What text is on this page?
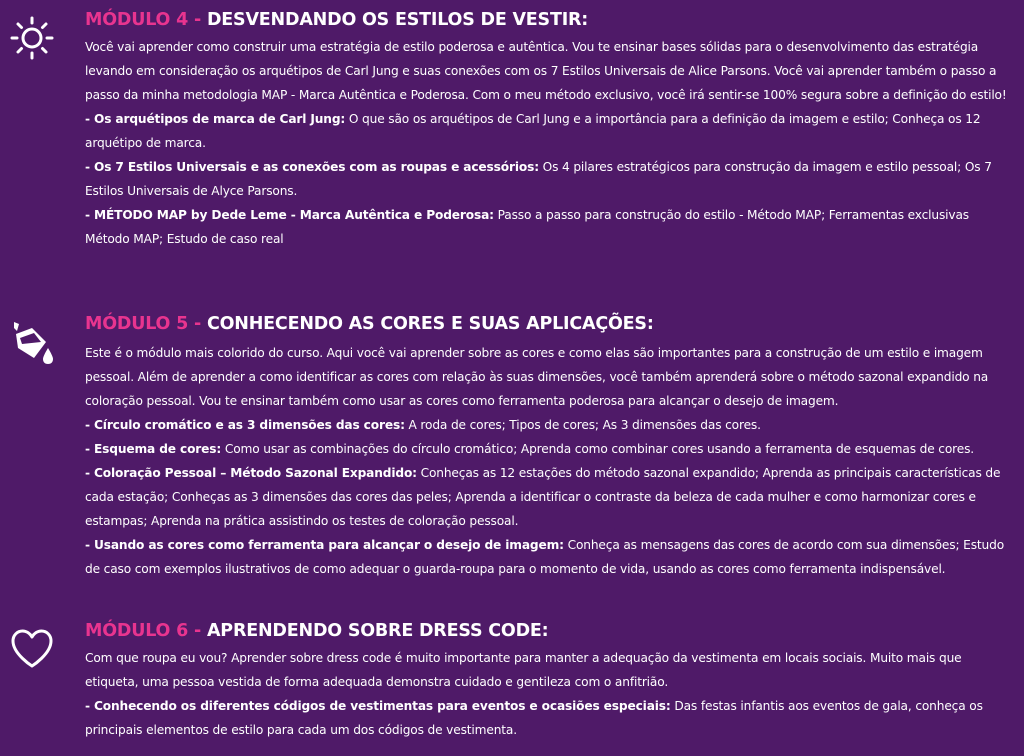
MÓDULO 4 - DESVENDANDO OS ESTILOS DE VESTIR:

Você vai aprender como construir uma estratégia de estilo poderosa e autêntica. Vou te ensinar bases sólidas para o desenvolvimento das estratégia levando em consideração os arquétipos de Carl Jung e suas conexões com os 7 Estilos Universais de Alice Parsons. Você vai aprender também o passo a passo da minha metodologia MAP - Marca Autêntica e Poderosa. Com o meu método exclusivo, você irá sentir-se 100% segura sobre a definição do estilo!

- Os arquétipos de marca de Carl Jung: O que são os arquétipos de Carl Jung e a importância para a definição da imagem e estilo; Conheça os 12 arquétipo de marca.

- Os 7 Estilos Universais e as conexões com as roupas e acessórios: Os 4 pilares estratégicos para construção da imagem e estilo pessoal; Os 7 Estilos Universais de Alyce Parsons.

- MÉTODO MAP by Dede Leme - Marca Autêntica e Poderosa: Passo a passo para construção do estilo - Método MAP; Ferramentas exclusivas Método MAP; Estudo de caso real

MÓDULO 5 - CONHECENDO AS CORES E SUAS APLICAÇÕES:

Este é o módulo mais colorido do curso. Aqui você vai aprender sobre as cores e como elas são importantes para a construção de um estilo e imagem pessoal. Além de aprender a como identificar as cores com relação às suas dimensões, você também aprenderá sobre o método sazonal expandido na coloração pessoal. Vou te ensinar também como usar as cores como ferramenta poderosa para alcançar o desejo de imagem.

- Círculo cromático e as 3 dimensões das cores: A roda de cores; Tipos de cores; As 3 dimensões das cores.

- Esquema de cores: Como usar as combinações do círculo cromático; Aprenda como combinar cores usando a ferramenta de esquemas de cores.

- Coloração Pessoal – Método Sazonal Expandido: Conheças as 12 estações do método sazonal expandido; Aprenda as principais características de cada estação; Conheças as 3 dimensões das cores das peles; Aprenda a identificar o contraste da beleza de cada mulher e como harmonizar cores e estampas; Aprenda na prática assistindo os testes de coloração pessoal.

- Usando as cores como ferramenta para alcançar o desejo de imagem: Conheça as mensagens das cores de acordo com sua dimensões; Estudo de caso com exemplos ilustrativos de como adequar o guarda-roupa para o momento de vida, usando as cores como ferramenta indispensável.

MÓDULO 6 - APRENDENDO SOBRE DRESS CODE:

Com que roupa eu vou? Aprender sobre dress code é muito importante para manter a adequação da vestimenta em locais sociais. Muito mais que etiqueta, uma pessoa vestida de forma adequada demonstra cuidado e gentileza com o anfitrião.

- Conhecendo os diferentes códigos de vestimentas para eventos e ocasiões especiais: Das festas infantis aos eventos de gala, conheça os principais elementos de estilo para cada um dos códigos de vestimenta.
